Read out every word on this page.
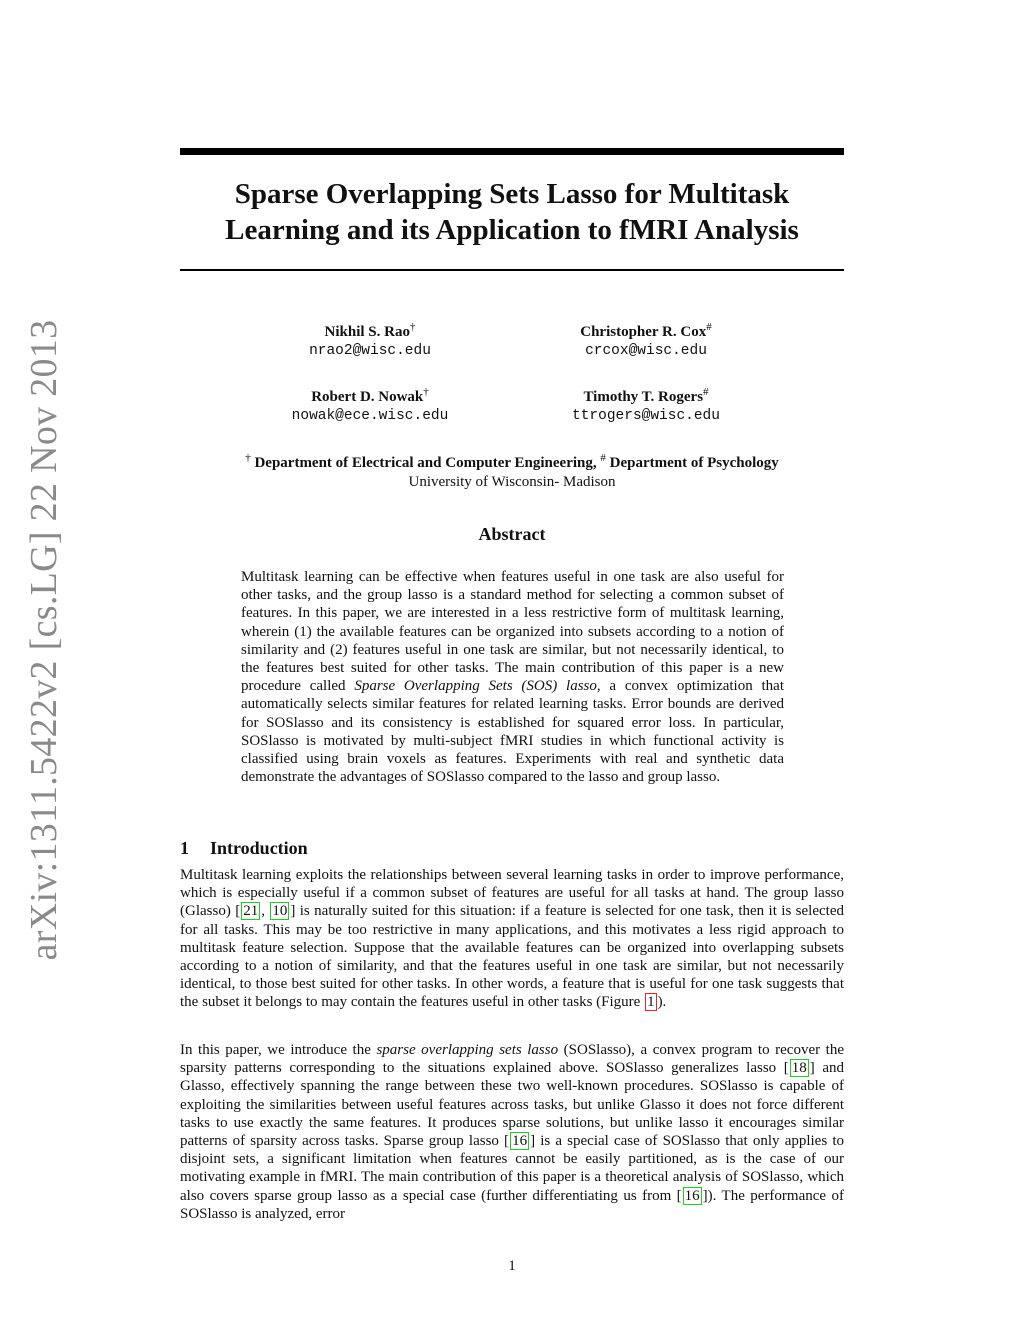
arXiv:1311.5422v2 [cs.LG] 22 Nov 2013
Sparse Overlapping Sets Lasso for Multitask
Learning and its Application to fMRI Analysis
Nikhil S. Rao†
nrao2@wisc.edu
Christopher R. Cox#
crcox@wisc.edu
Robert D. Nowak†
nowak@ece.wisc.edu
Timothy T. Rogers#
ttrogers@wisc.edu
† Department of Electrical and Computer Engineering, # Department of Psychology
University of Wisconsin- Madison
Abstract
Multitask learning can be effective when features useful in one task are also useful for other tasks, and the group lasso is a standard method for selecting a common subset of features. In this paper, we are interested in a less restrictive form of multitask learning, wherein (1) the available features can be organized into subsets according to a notion of similarity and (2) features useful in one task are similar, but not necessarily identical, to the features best suited for other tasks. The main contribution of this paper is a new procedure called Sparse Overlapping Sets (SOS) lasso, a convex optimization that automatically selects similar features for related learning tasks. Error bounds are derived for SOSlasso and its consistency is established for squared error loss. In particular, SOSlasso is motivated by multi-subject fMRI studies in which functional activity is classified using brain voxels as features. Experiments with real and synthetic data demonstrate the advantages of SOSlasso compared to the lasso and group lasso.
1 Introduction
Multitask learning exploits the relationships between several learning tasks in order to improve performance, which is especially useful if a common subset of features are useful for all tasks at hand. The group lasso (Glasso) [ 21 , 10 ] is naturally suited for this situation: if a feature is selected for one task, then it is selected for all tasks. This may be too restrictive in many applications, and this motivates a less rigid approach to multitask feature selection. Suppose that the available features can be organized into overlapping subsets according to a notion of similarity, and that the features useful in one task are similar, but not necessarily identical, to those best suited for other tasks. In other words, a feature that is useful for one task suggests that the subset it belongs to may contain the features useful in other tasks (Figure 1 ).
In this paper, we introduce the sparse overlapping sets lasso (SOSlasso), a convex program to recover the sparsity patterns corresponding to the situations explained above. SOSlasso generalizes lasso [ 18 ] and Glasso, effectively spanning the range between these two well-known procedures. SOSlasso is capable of exploiting the similarities between useful features across tasks, but unlike Glasso it does not force different tasks to use exactly the same features. It produces sparse solutions, but unlike lasso it encourages similar patterns of sparsity across tasks. Sparse group lasso [ 16 ] is a special case of SOSlasso that only applies to disjoint sets, a significant limitation when features cannot be easily partitioned, as is the case of our motivating example in fMRI. The main contribution of this paper is a theoretical analysis of SOSlasso, which also covers sparse group lasso as a special case (further differentiating us from [ 16 ]). The performance of SOSlasso is analyzed, error
1
